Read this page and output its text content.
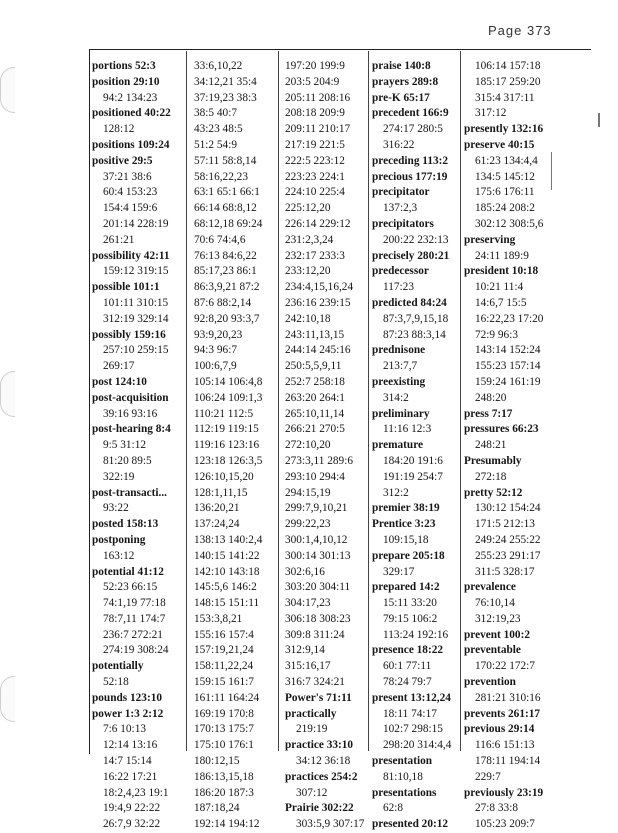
Page 373
portions 52:3
position 29:10
94:2 134:23
positioned 40:22
128:12
positions 109:24
positive 29:5
37:21 38:6
60:4 153:23
154:4 159:6
201:14 228:19
261:21
possibility 42:11
159:12 319:15
possible 101:1
101:11 310:15
312:19 329:14
possibly 159:16
257:10 259:15
269:17
post 124:10
post-acquisition
39:16 93:16
post-hearing 8:4
9:5 31:12
81:20 89:5
322:19
post-transacti...
93:22
posted 158:13
postponing
163:12
potential 41:12
52:23 66:15
74:1,19 77:18
78:7,11 174:7
236:7 272:21
274:19 308:24
potentially
52:18
pounds 123:10
power 1:3 2:12
7:6 10:13
12:14 13:16
14:7 15:14
16:22 17:21
18:2,4,23 19:1
19:4,9 22:22
26:7,9 32:22
33:6,10,22
34:12,21 35:4
37:19,23 38:3
38:5 40:7
43:23 48:5
51:2 54:9
57:11 58:8,14
58:16,22,23
63:1 65:1 66:1
66:14 68:8,12
68:12,18 69:24
70:6 74:4,6
76:13 84:6,22
85:17,23 86:1
86:3,9,21 87:2
87:6 88:2,14
92:8,20 93:3,7
93:9,20,23
94:3 96:7
100:6,7,9
105:14 106:4,8
106:24 109:1,3
110:21 112:5
112:19 119:15
119:16 123:16
123:18 126:3,5
126:10,15,20
128:1,11,15
136:20,21
137:24,24
138:13 140:2,4
140:15 141:22
142:10 143:18
145:5,6 146:2
148:15 151:11
153:3,8,21
155:16 157:4
157:19,21,24
158:11,22,24
159:15 161:7
161:11 164:24
169:19 170:8
170:13 175:7
175:10 176:1
180:12,15
186:13,15,18
186:20 187:3
187:18,24
192:14 194:12
197:20 199:9
203:5 204:9
205:11 208:16
208:18 209:9
209:11 210:17
217:19 221:5
222:5 223:12
223:23 224:1
224:10 225:4
225:12,20
226:14 229:12
231:2,3,24
232:17 233:3
233:12,20
234:4,15,16,24
236:16 239:15
242:10,18
243:11,13,15
244:14 245:16
250:5,5,9,11
252:7 258:18
263:20 264:1
265:10,11,14
266:21 270:5
272:10,20
273:3,11 289:6
293:10 294:4
294:15,19
299:7,9,10,21
299:22,23
300:1,4,10,12
300:14 301:13
302:6,16
303:20 304:11
304:17,23
306:18 308:23
309:8 311:24
312:9,14
315:16,17
316:7 324:21
Power's 71:11
practically
219:19
practice 33:10
34:12 36:18
practices 254:2
307:12
Prairie 302:22
303:5,9 307:17
praise 140:8
prayers 289:8
pre-K 65:17
precedent 166:9
274:17 280:5
316:22
preceding 113:2
precious 177:19
precipitator
137:2,3
precipitators
200:22 232:13
precisely 280:21
predecessor
117:23
predicted 84:24
87:3,7,9,15,18
87:23 88:3,14
prednisone
213:7,7
preexisting
314:2
preliminary
11:16 12:3
premature
184:20 191:6
191:19 254:7
312:2
premier 38:19
Prentice 3:23
109:15,18
prepare 205:18
329:17
prepared 14:2
15:11 33:20
79:15 106:2
113:24 192:16
presence 18:22
60:1 77:11
78:24 79:7
present 13:12,24
18:11 74:17
102:7 298:15
298:20 314:4,4
presentation
81:10,18
presentations
62:8
presented 20:12
106:14 157:18
185:17 259:20
315:4 317:11
317:12
presently 132:16
preserve 40:15
61:23 134:4,4
134:5 145:12
175:6 176:11
185:24 208:2
302:12 308:5,6
preserving
24:11 189:9
president 10:18
10:21 11:4
14:6,7 15:5
16:22,23 17:20
72:9 96:3
143:14 152:24
155:23 157:14
159:24 161:19
248:20
press 7:17
pressures 66:23
248:21
Presumably
272:18
pretty 52:12
130:12 154:24
171:5 212:13
249:24 255:22
255:23 291:17
311:5 328:17
prevalence
76:10,14
312:19,23
prevent 100:2
preventable
170:22 172:7
prevention
281:21 310:16
prevents 261:17
previous 29:14
116:6 151:13
178:11 194:14
229:7
previously 23:19
27:8 33:8
105:23 209:7
